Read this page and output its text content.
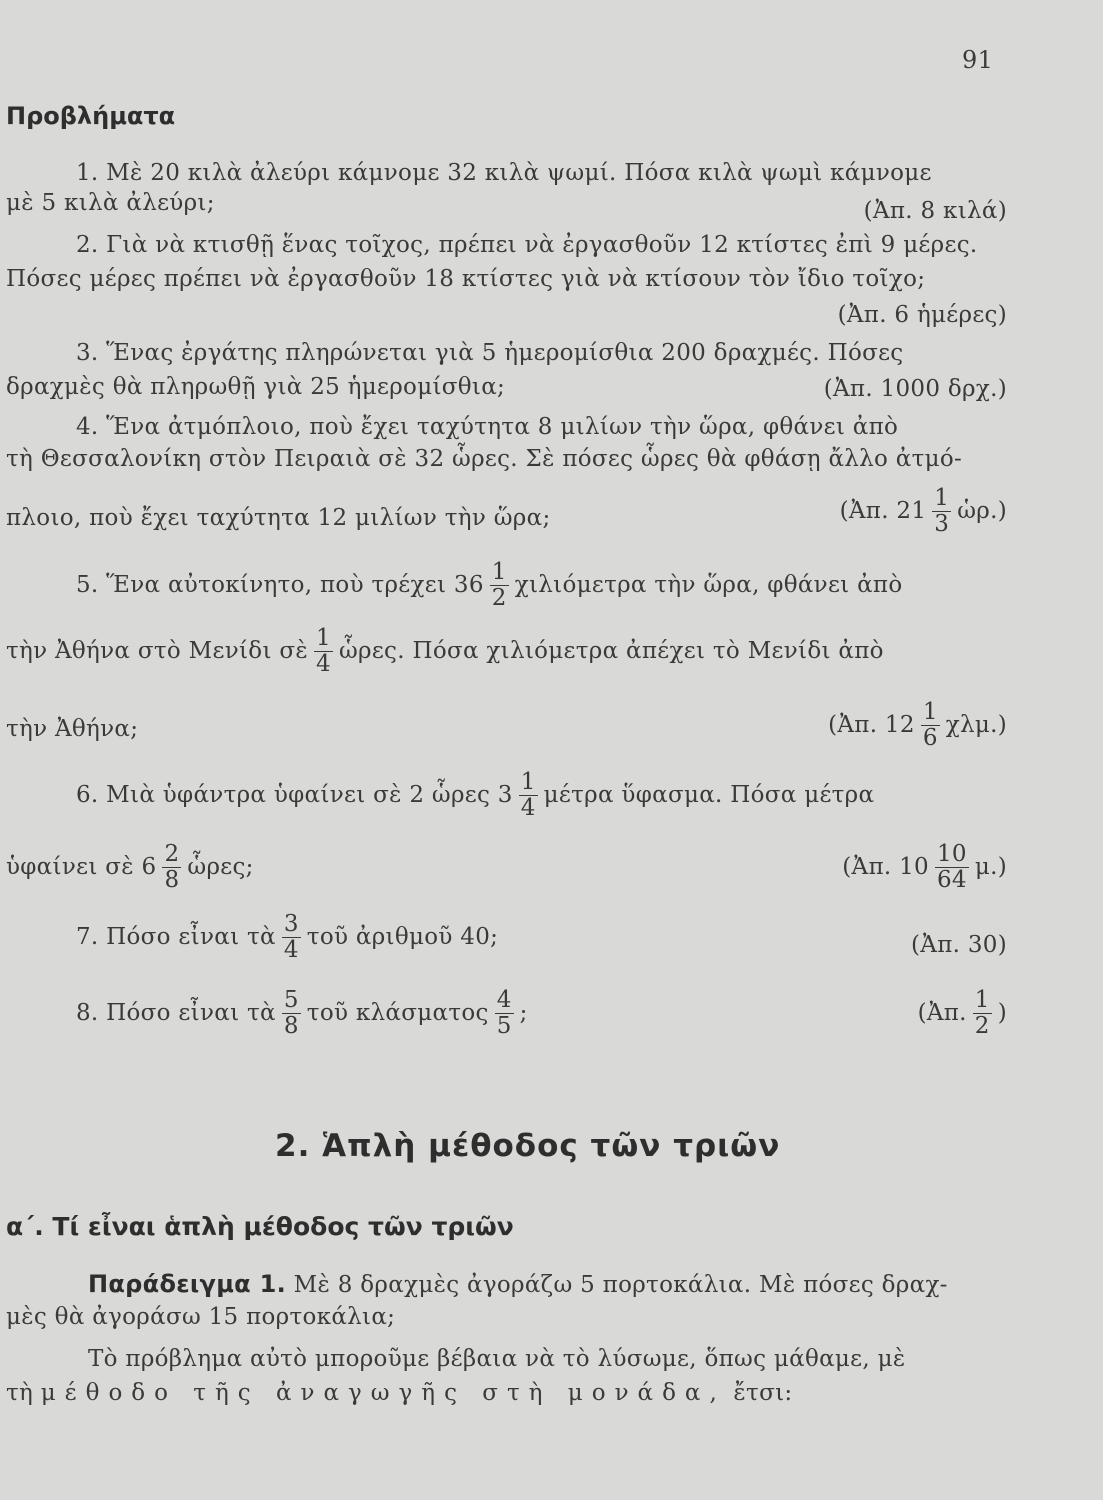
91
Προβλήματα
1. Μὲ 20 κιλὰ ἀλεύρι κάμνομε 32 κιλὰ ψωμί. Πόσα κιλὰ ψωμὶ κάμνομε
μὲ 5 κιλὰ ἀλεύρι;	(Ἀπ. 8 κιλά)
2. Γιὰ νὰ κτισθῇ ἕνας τοῖχος, πρέπει νὰ ἐργασθοῦν 12 κτίστες ἐπὶ 9 μέρες.
Πόσες μέρες πρέπει νὰ ἐργασθοῦν 18 κτίστες γιὰ νὰ κτίσουν τὸν ἴδιο τοῖχο;
(Ἀπ. 6 ἡμέρες)
3. Ἕνας ἐργάτης πληρώνεται γιὰ 5 ἡμερομίσθια 200 δραχμές. Πόσες
δραχμὲς θὰ πληρωθῇ γιὰ 25 ἡμερομίσθια;	(Ἀπ. 1000 δρχ.)
4. Ἕνα ἀτμόπλοιο, ποὺ ἔχει ταχύτητα 8 μιλίων τὴν ὥρα, φθάνει ἀπὸ
τὴ Θεσσαλονίκη στὸν Πειραιὰ σὲ 32 ὧρες. Σὲ πόσες ὧρες θὰ φθάσῃ ἄλλο ἀτμό-
πλοιο, ποὺ ἔχει ταχύτητα 12 μιλίων τὴν ὥρα;	(Ἀπ. $21 \frac{1}{3}$ ὡρ.)
5. Ἕνα αὐτοκίνητο, ποὺ τρέχει $36 \frac{1}{2}$ χιλιόμετρα τὴν ὥρα, φθάνει ἀπὸ
τὴν Ἀθήνα στὸ Μενίδι σὲ $\frac{1}{4}$ ὧρες. Πόσα χιλιόμετρα ἀπέχει τὸ Μενίδι ἀπὸ
τὴν Ἀθήνα;	(Ἀπ. $12 \frac{1}{6} \chi\lambda\mu$.)
6. Μιὰ ὑφάντρα ὑφαίνει σὲ 2 ὧρες $3 \frac{1}{4}$ μέτρα ὕφασμα. Πόσα μέτρα
ὑφαίνει σὲ $6 \frac{2}{8}$ ὧρες;	(Ἀπ. $10 \frac{10}{64} \mu$.)
7. Πόσο εἶναι τὰ $\frac{3}{4}$ τοῦ ἀριθμοῦ 40;	(Ἀπ. 30)
8. Πόσο εἶναι τὰ $\frac{5}{8}$ τοῦ κλάσματος $\frac{4}{5}$ ;	(Ἀπ. $\frac{1}{2}$ )
2. Ἁπλὴ μέθοδος τῶν τριῶν
α΄. Τί εἶναι ἁπλὴ μέθοδος τῶν τριῶν
Παράδειγμα 1. Μὲ 8 δραχμὲς ἀγοράζω 5 πορτοκάλια. Μὲ πόσες δραχ-
μὲς θὰ ἀγοράσω 15 πορτοκάλια;
Τὸ πρόβλημα αὐτὸ μποροῦμε βέβαια νὰ τὸ λύσωμε, ὅπως μάθαμε, μὲ
τὴ μέθοδο τῆς ἀναγωγῆς στὴ μονάδα, ἔτσι:
